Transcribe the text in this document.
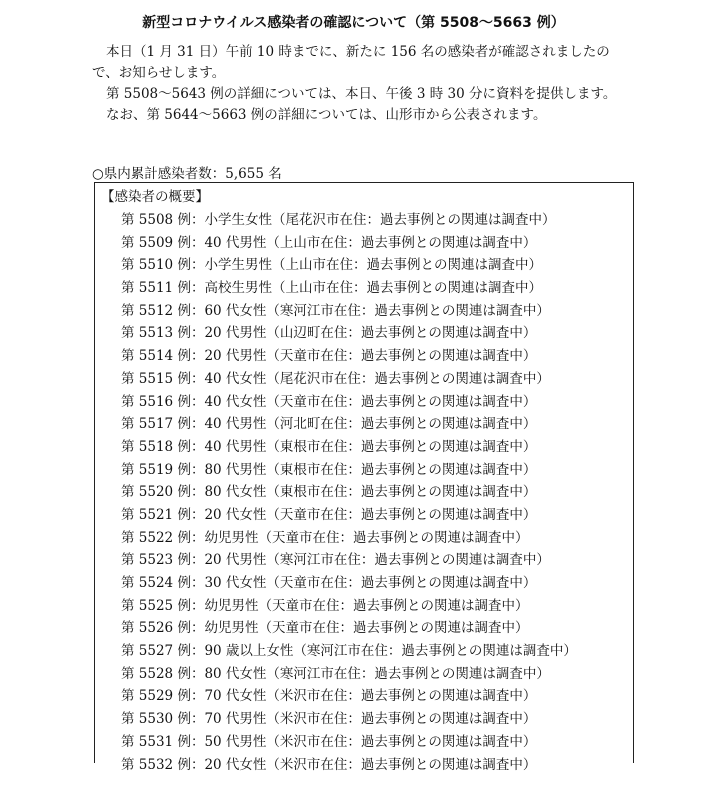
新型コロナウイルス感染者の確認について（第 5508〜5663 例）

本日（1 月 31 日）午前 10 時までに、新たに 156 名の感染者が確認されましたので、お知らせします。

第 5508〜5643 例の詳細については、本日、午後 3 時 30 分に資料を提供します。

なお、第 5644〜5663 例の詳細については、山形市から公表されます。

○県内累計感染者数：5,655 名
【感染者の概要】
第 5508 例：小学生女性（尾花沢市在住：過去事例との関連は調査中）
第 5509 例：40 代男性（上山市在住：過去事例との関連は調査中）
第 5510 例：小学生男性（上山市在住：過去事例との関連は調査中）
第 5511 例：高校生男性（上山市在住：過去事例との関連は調査中）
第 5512 例：60 代女性（寒河江市在住：過去事例との関連は調査中）
第 5513 例：20 代男性（山辺町在住：過去事例との関連は調査中）
第 5514 例：20 代男性（天童市在住：過去事例との関連は調査中）
第 5515 例：40 代女性（尾花沢市在住：過去事例との関連は調査中）
第 5516 例：40 代女性（天童市在住：過去事例との関連は調査中）
第 5517 例：40 代男性（河北町在住：過去事例との関連は調査中）
第 5518 例：40 代男性（東根市在住：過去事例との関連は調査中）
第 5519 例：80 代男性（東根市在住：過去事例との関連は調査中）
第 5520 例：80 代女性（東根市在住：過去事例との関連は調査中）
第 5521 例：20 代女性（天童市在住：過去事例との関連は調査中）
第 5522 例：幼児男性（天童市在住：過去事例との関連は調査中）
第 5523 例：20 代男性（寒河江市在住：過去事例との関連は調査中）
第 5524 例：30 代女性（天童市在住：過去事例との関連は調査中）
第 5525 例：幼児男性（天童市在住：過去事例との関連は調査中）
第 5526 例：幼児男性（天童市在住：過去事例との関連は調査中）
第 5527 例：90 歳以上女性（寒河江市在住：過去事例との関連は調査中）
第 5528 例：80 代女性（寒河江市在住：過去事例との関連は調査中）
第 5529 例：70 代女性（米沢市在住：過去事例との関連は調査中）
第 5530 例：70 代男性（米沢市在住：過去事例との関連は調査中）
第 5531 例：50 代男性（米沢市在住：過去事例との関連は調査中）
第 5532 例：20 代女性（米沢市在住：過去事例との関連は調査中）
